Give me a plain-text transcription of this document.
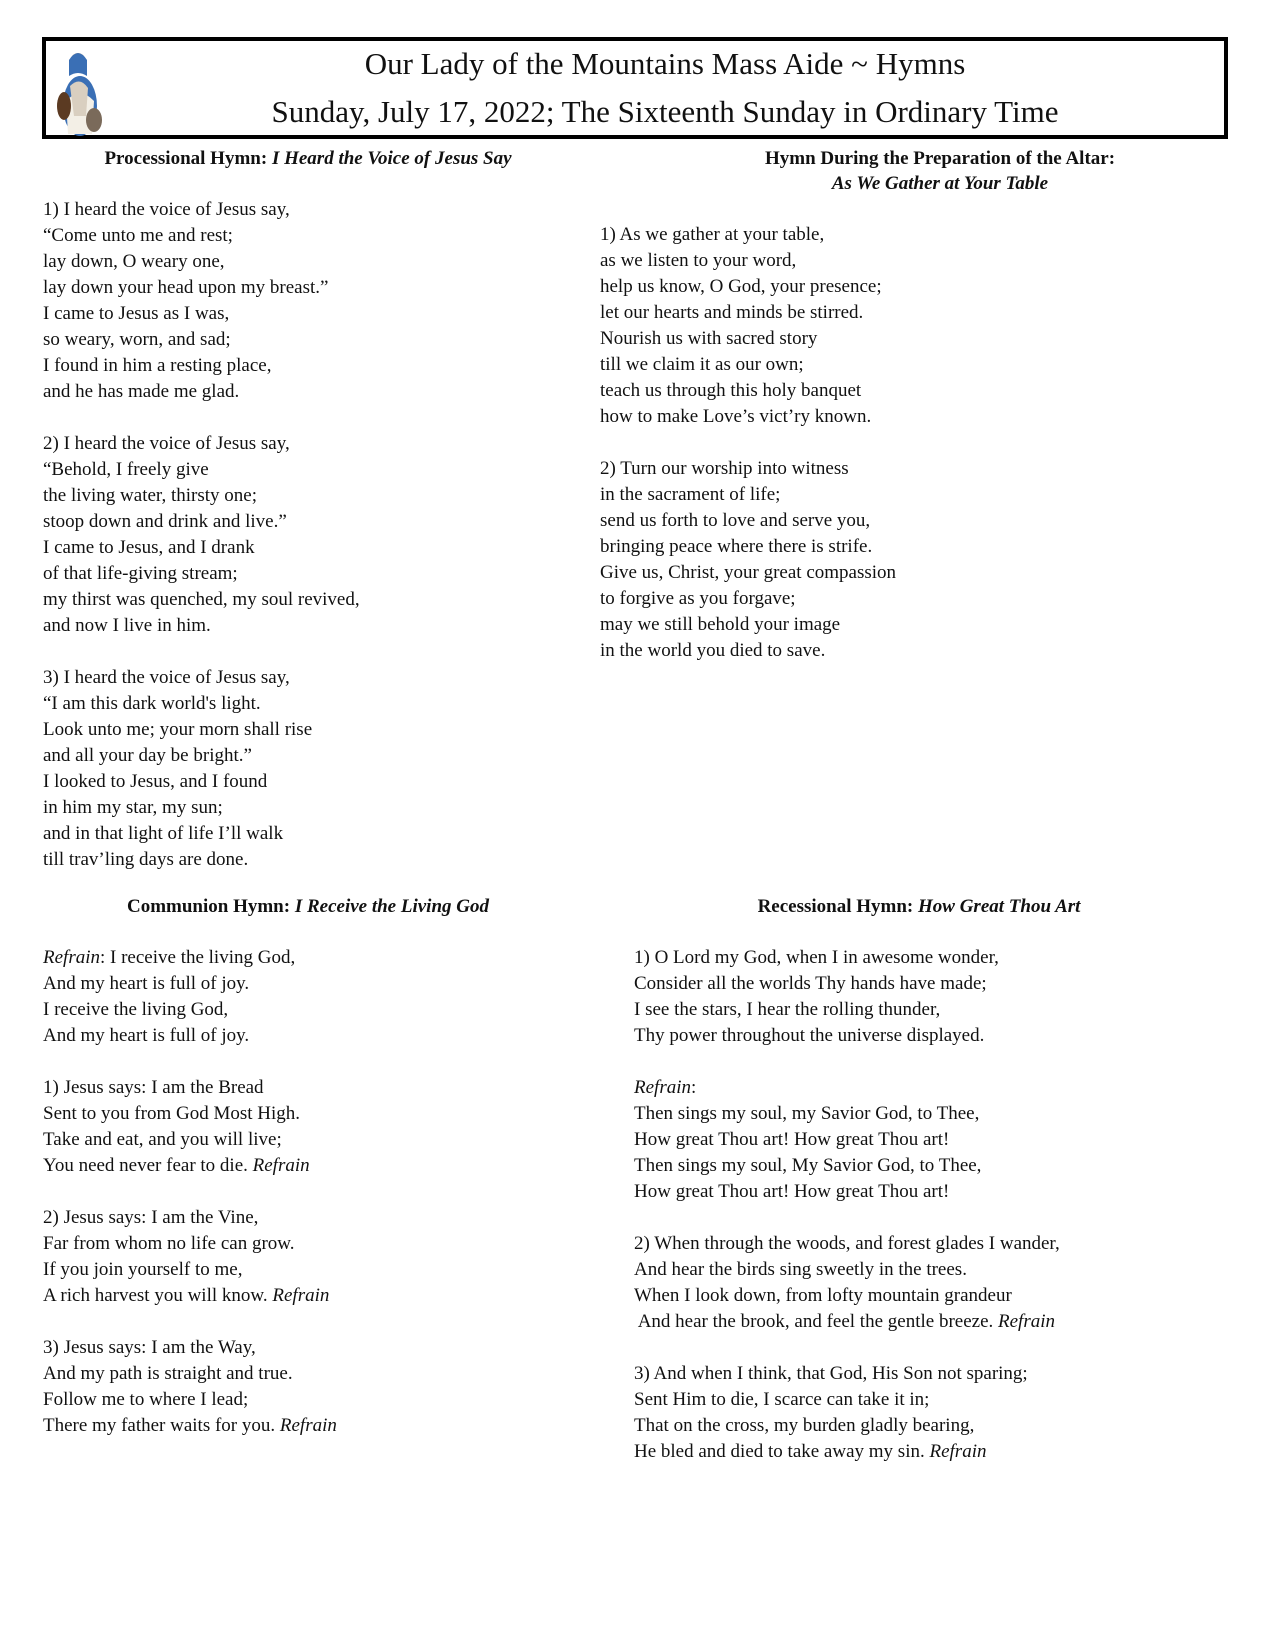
Our Lady of the Mountains Mass Aide ~ Hymns
Sunday, July 17, 2022; The Sixteenth Sunday in Ordinary Time
Processional Hymn: I Heard the Voice of Jesus Say
1) I heard the voice of Jesus say,
“Come unto me and rest;
lay down, O weary one,
lay down your head upon my breast.”
I came to Jesus as I was,
so weary, worn, and sad;
I found in him a resting place,
and he has made me glad.
2) I heard the voice of Jesus say,
“Behold, I freely give
the living water, thirsty one;
stoop down and drink and live.”
I came to Jesus, and I drank
of that life-giving stream;
my thirst was quenched, my soul revived,
and now I live in him.
3) I heard the voice of Jesus say,
“I am this dark world's light.
Look unto me; your morn shall rise
and all your day be bright.”
I looked to Jesus, and I found
in him my star, my sun;
and in that light of life I’ll walk
till trav’ling days are done.
Hymn During the Preparation of the Altar:
As We Gather at Your Table
1) As we gather at your table,
as we listen to your word,
help us know, O God, your presence;
let our hearts and minds be stirred.
Nourish us with sacred story
till we claim it as our own;
teach us through this holy banquet
how to make Love’s vict’ry known.
2) Turn our worship into witness
in the sacrament of life;
send us forth to love and serve you,
bringing peace where there is strife.
Give us, Christ, your great compassion
to forgive as you forgave;
may we still behold your image
in the world you died to save.
Communion Hymn: I Receive the Living God
Refrain: I receive the living God,
And my heart is full of joy.
I receive the living God,
And my heart is full of joy.
1) Jesus says: I am the Bread
Sent to you from God Most High.
Take and eat, and you will live;
You need never fear to die. Refrain
2) Jesus says: I am the Vine,
Far from whom no life can grow.
If you join yourself to me,
A rich harvest you will know. Refrain
3) Jesus says: I am the Way,
And my path is straight and true.
Follow me to where I lead;
There my father waits for you. Refrain
Recessional Hymn: How Great Thou Art
1) O Lord my God, when I in awesome wonder,
Consider all the worlds Thy hands have made;
I see the stars, I hear the rolling thunder,
Thy power throughout the universe displayed.
Refrain:
Then sings my soul, my Savior God, to Thee,
How great Thou art! How great Thou art!
Then sings my soul, My Savior God, to Thee,
How great Thou art! How great Thou art!
2) When through the woods, and forest glades I wander,
And hear the birds sing sweetly in the trees.
When I look down, from lofty mountain grandeur
And hear the brook, and feel the gentle breeze. Refrain
3) And when I think, that God, His Son not sparing;
Sent Him to die, I scarce can take it in;
That on the cross, my burden gladly bearing,
He bled and died to take away my sin. Refrain
